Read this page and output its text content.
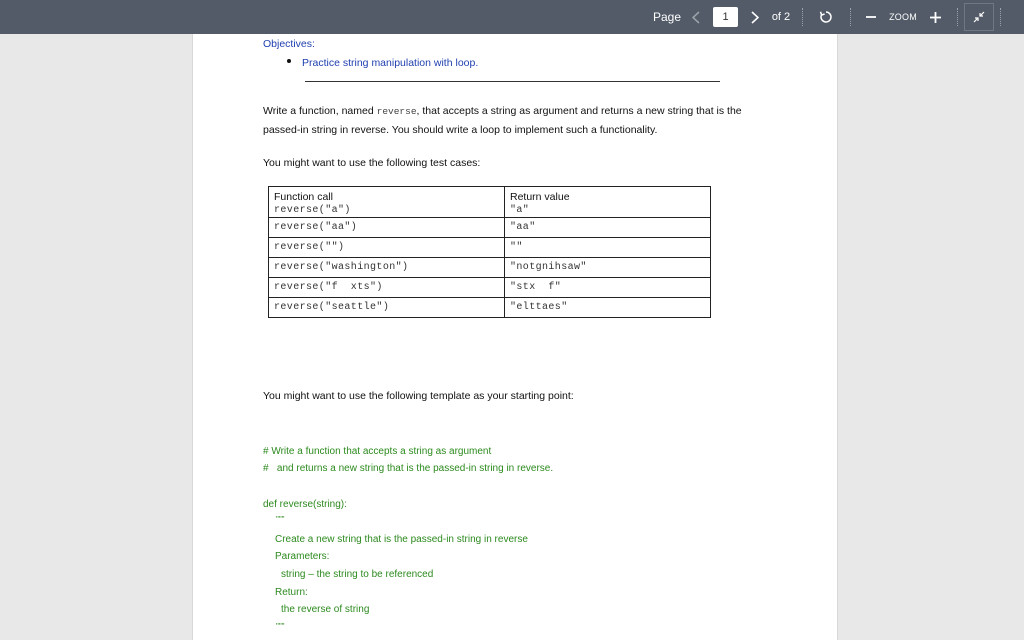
Page	1	of 2	ZOOM
Objectives:
Practice string manipulation with loop.
Write a function, named reverse, that accepts a string as argument and returns a new string that is the
passed-in string in reverse. You should write a loop to implement such a functionality.
You might want to use the following test cases:
Function call	Return value
reverse("a")	"a"
reverse("aa")	"aa"
reverse("")	""
reverse("washington")	"notgnihsaw"
reverse("f  xts")	"stx  f"
reverse("seattle")	"elttaes"
You might want to use the following template as your starting point:
# Write a function that accepts a string as argument
#   and returns a new string that is the passed-in string in reverse.
def reverse(string):
"""
Create a new string that is the passed-in string in reverse
Parameters:
string – the string to be referenced
Return:
the reverse of string
"""
